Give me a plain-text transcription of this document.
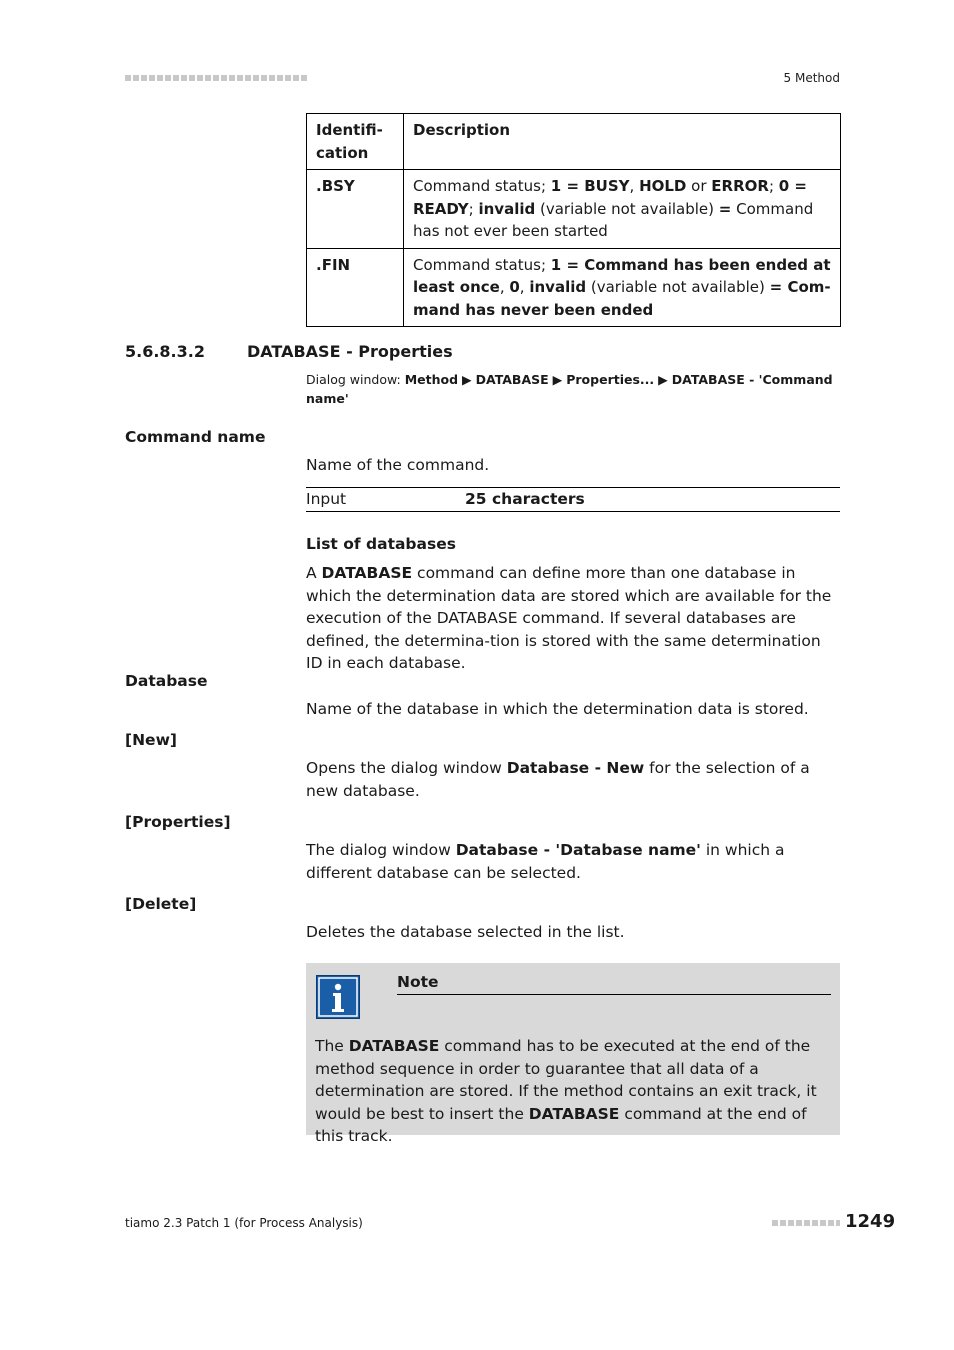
5 Method
Identifi-
cation	Description
.BSY	Command status; 1 = BUSY, HOLD or ERROR; 0 = READY; invalid (variable not available) = Command has not ever been started
.FIN	Command status; 1 = Command has been ended at least once, 0, invalid (variable not available) = Com-mand has never been ended
5.6.8.3.2	DATABASE - Properties
Dialog window: Method ▶ DATABASE ▶ Properties... ▶ DATABASE - 'Command name'
Command name
Name of the command.
Input	25 characters
List of databases
A DATABASE command can define more than one database in which the determination data are stored which are available for the execution of the DATABASE command. If several databases are defined, the determina-tion is stored with the same determination ID in each database.
Database
Name of the database in which the determination data is stored.
[New]
Opens the dialog window Database - New for the selection of a new database.
[Properties]
The dialog window Database - 'Database name' in which a different database can be selected.
[Delete]
Deletes the database selected in the list.
Note
The DATABASE command has to be executed at the end of the method sequence in order to guarantee that all data of a determination are stored. If the method contains an exit track, it would be best to insert the DATABASE command at the end of this track.
tiamo 2.3 Patch 1 (for Process Analysis)	1249
